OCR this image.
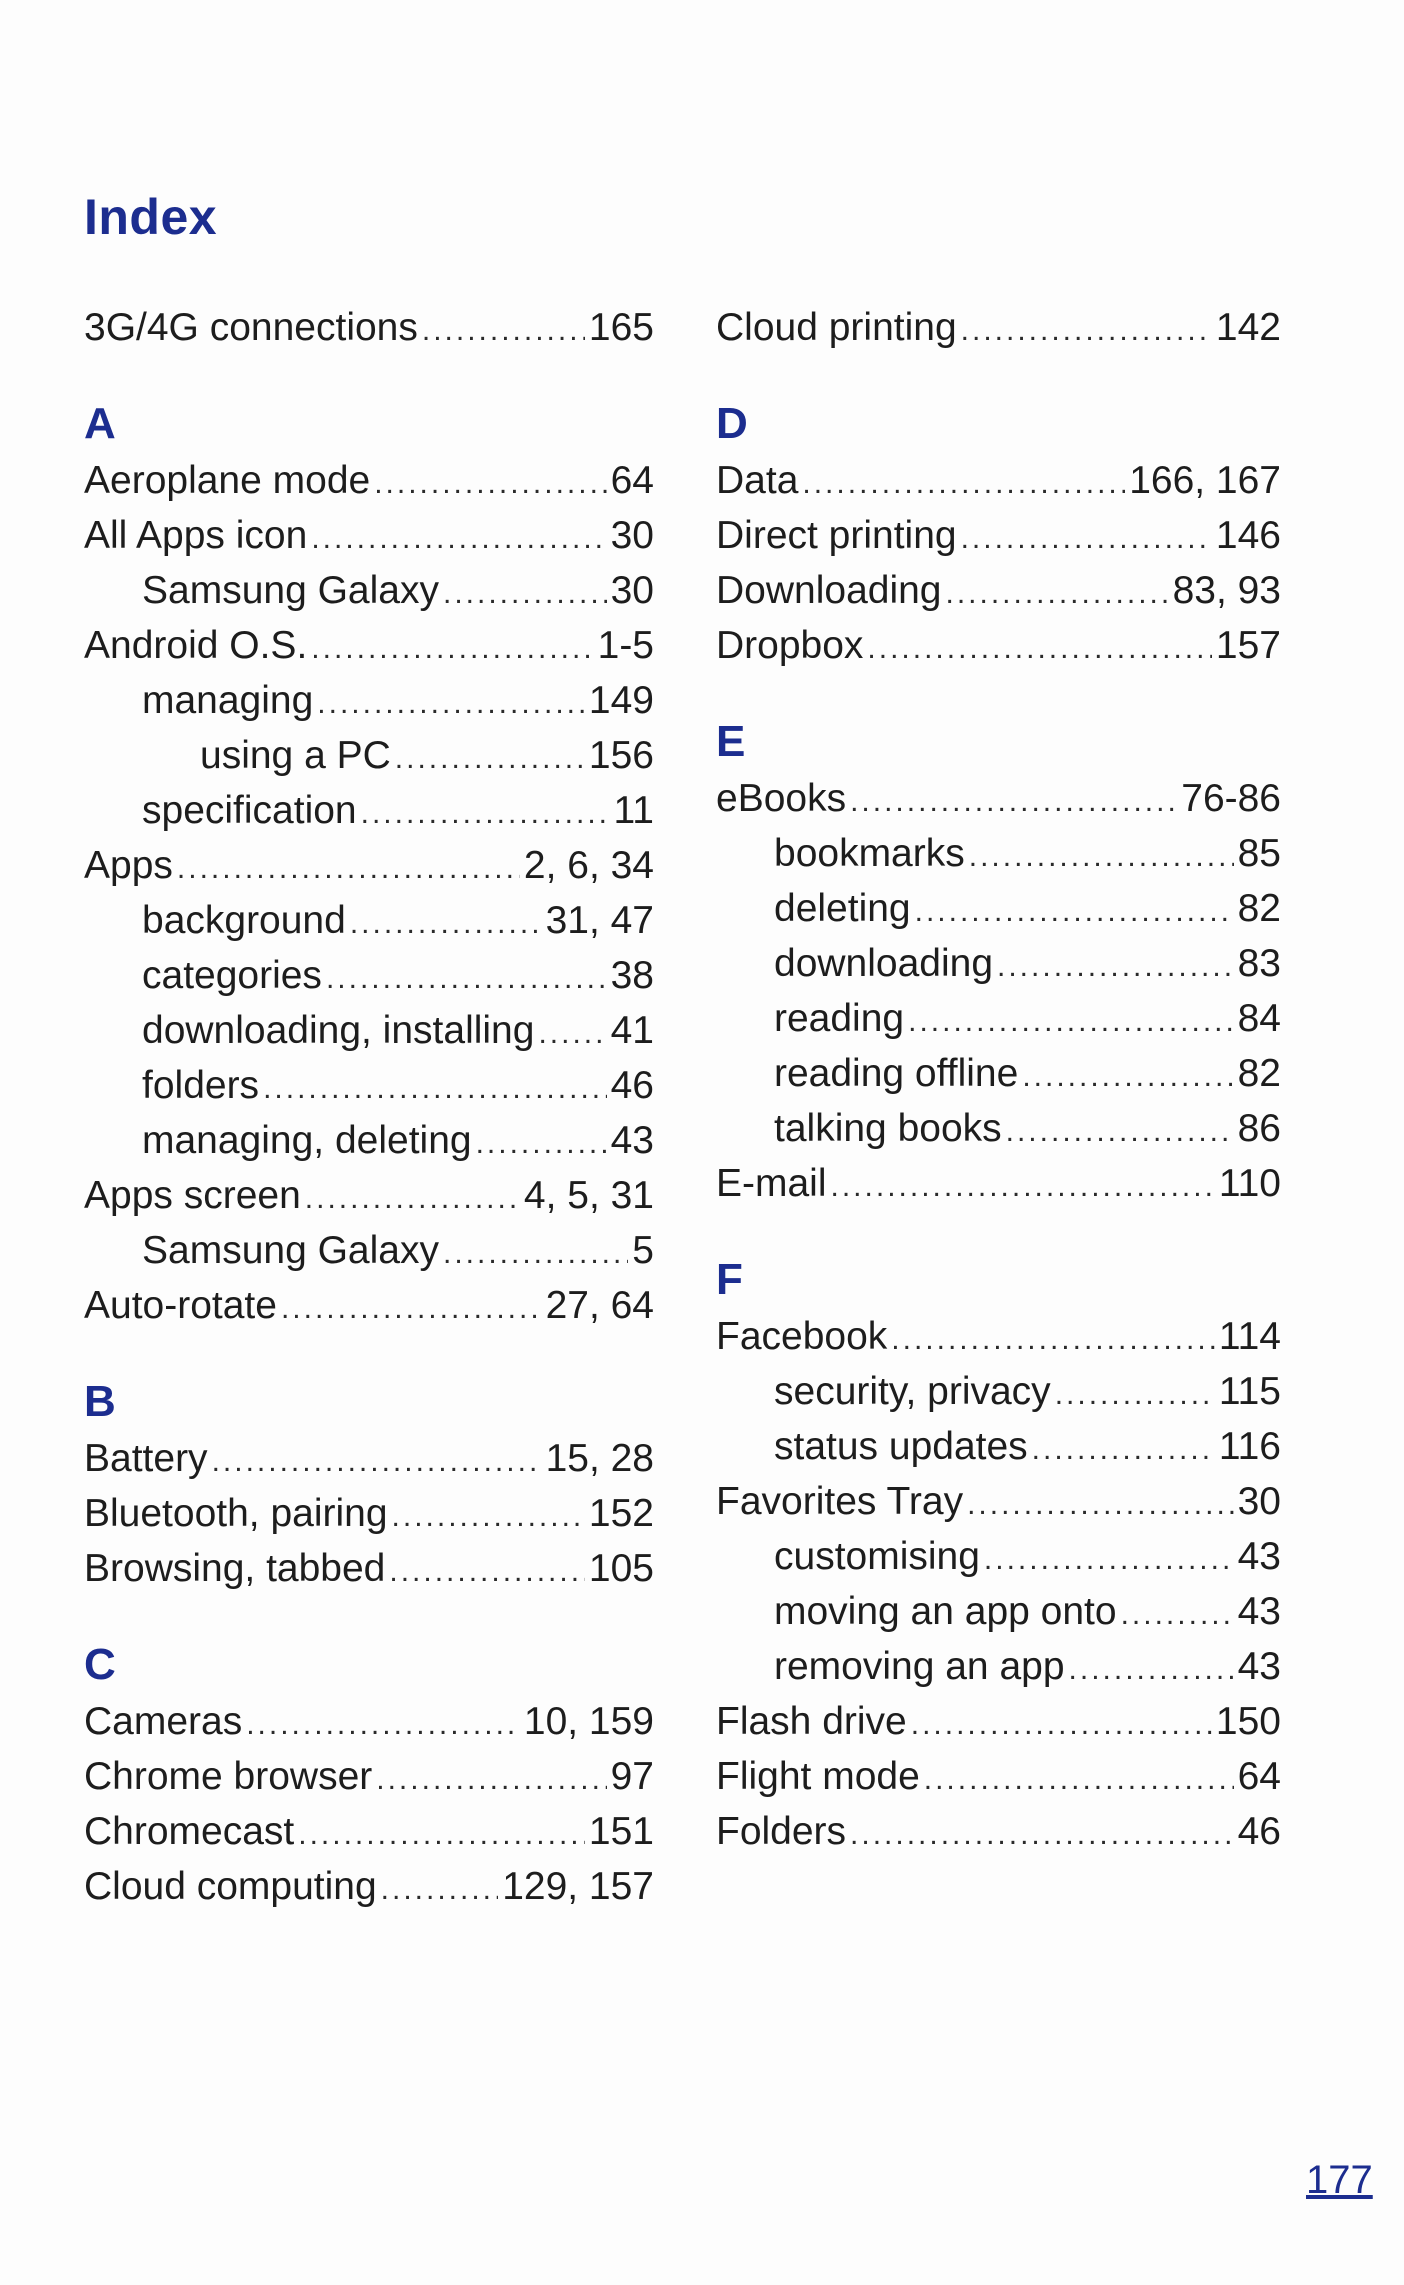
Index
3G/4G connections .....	165
A
Aeroplane mode .....	64
All Apps icon .....	30
Samsung Galaxy .....	30
Android O.S. .....	1-5
managing .....	149
using a PC .....	156
specification .....	11
Apps .....	2, 6, 34
background .....	31, 47
categories .....	38
downloading, installing ..... 41
folders .....	46
managing, deleting .....	43
Apps screen .....	4, 5, 31
Samsung Galaxy .....	5
Auto-rotate .....	27, 64
B
Battery .....	15, 28
Bluetooth, pairing .....	152
Browsing, tabbed .....	105
C
Cameras .....	10, 159
Chrome browser .....	97
Chromecast .....	151
Cloud computing .....	129, 157
Cloud printing .....	142
D
Data .....	166, 167
Direct printing .....	146
Downloading .....	83, 93
Dropbox .....	157
E
eBooks .....	76-86
bookmarks .....	85
deleting .....	82
downloading .....	83
reading .....	84
reading offline .....	82
talking books .....	86
E-mail .....	110
F
Facebook .....	114
security, privacy .....	115
status updates .....	116
Favorites Tray .....	30
customising .....	43
moving an app onto .....	43
removing an app .....	43
Flash drive .....	150
Flight mode .....	64
Folders .....	46
177
